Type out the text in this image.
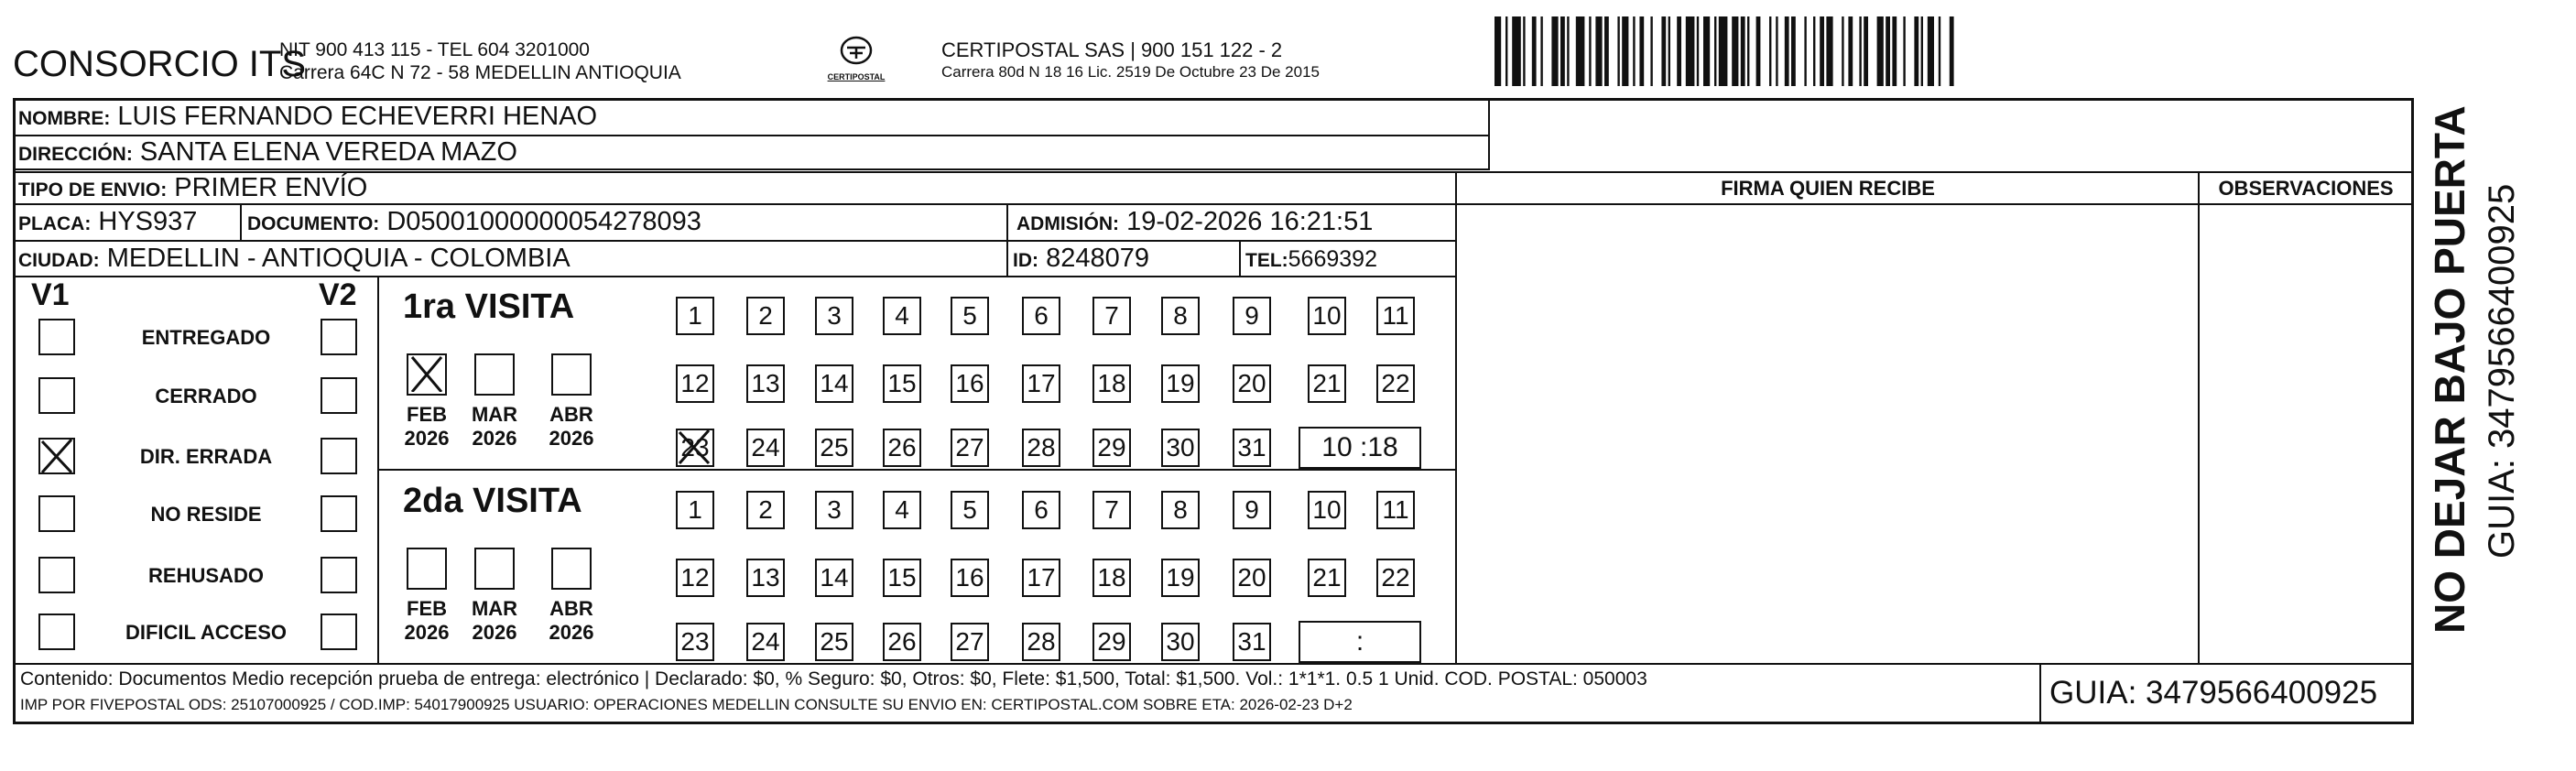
CONSORCIO ITS
NIT 900 413 115 - TEL 604 3201000
Carrera 64C N 72 - 58 MEDELLIN ANTIOQUIA	CERTIPOSTAL
CERTIPOSTAL SAS | 900 151 122 - 2
Carrera 80d N 18 16 Lic. 2519 De Octubre 23 De 2015
NOMBRE: LUIS FERNANDO ECHEVERRI HENAO
DIRECCIÓN: SANTA ELENA VEREDA MAZO
TIPO DE ENVIO: PRIMER ENVÍO
PLACA: HYS937	DOCUMENTO: D05001000000054278093	ADMISIÓN: 19-02-2026 16:21:51
CIUDAD: MEDELLIN - ANTIOQUIA - COLOMBIA	ID: 8248079	TEL:5669392
FIRMA QUIEN RECIBE	OBSERVACIONES
V1	V2
ENTREGADO
CERRADO
DIR. ERRADA
NO RESIDE
REHUSADO
DIFICIL ACCESO
1ra VISITA
FEB
2026
MAR
2026
ABR
2026
1	2	3	4	5	6	7	8	9	10 11
12 13 14 15 16 17 18 19 20 21 22
23 24 25 26 27 28 29 30 31	10 :18
2da VISITA
FEB
2026
MAR
2026
ABR
2026
1	2	3	4	5	6	7	8	9	10 11
12 13 14 15 16 17 18 19 20 21 22
23 24 25 26 27 28 29 30 31	:
NO DEJAR BAJO PUERTA GUIA: 3479566400925
Contenido: Documentos Medio recepción prueba de entrega: electrónico | Declarado: $0, % Seguro: $0, Otros: $0, Flete: $1,500, Total: $1,500. Vol.: 1*1*1. 0.5 1 Unid. COD. POSTAL: 050003
IMP POR FIVEPOSTAL ODS: 25107000925 / COD.IMP: 54017900925 USUARIO: OPERACIONES MEDELLIN CONSULTE SU ENVIO EN: CERTIPOSTAL.COM SOBRE ETA: 2026-02-23 D+2	GUIA: 3479566400925
